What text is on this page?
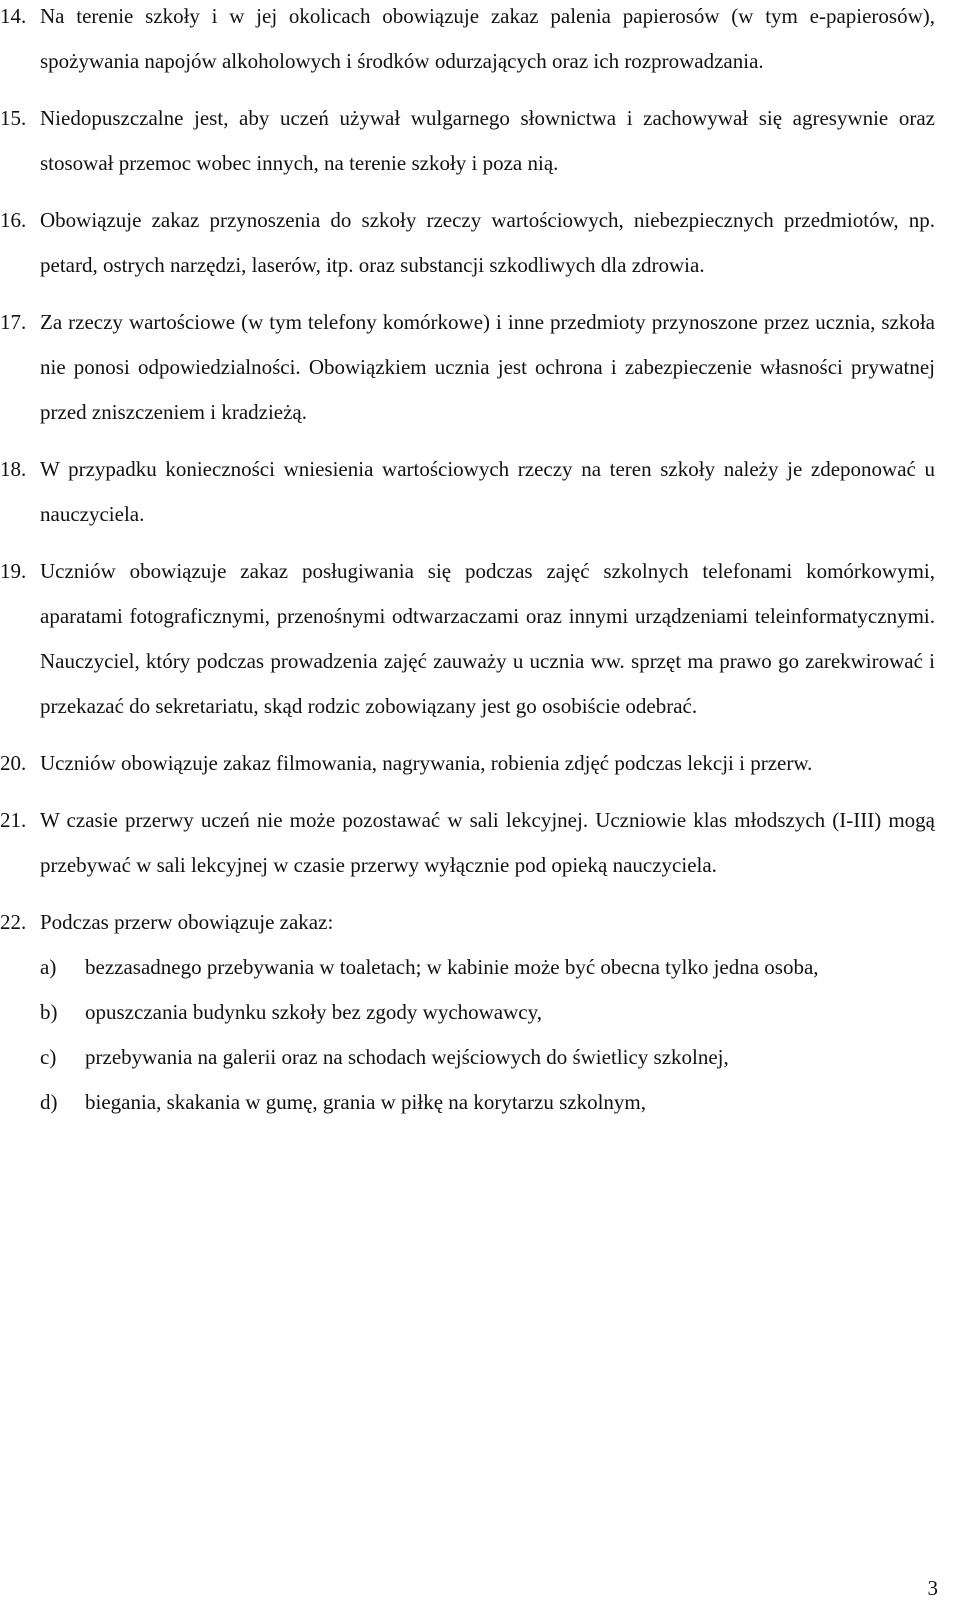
14. Na terenie szkoły i w jej okolicach obowiązuje zakaz palenia papierosów (w tym e-papierosów), spożywania napojów alkoholowych i środków odurzających oraz ich rozprowadzania.
15. Niedopuszczalne jest, aby uczeń używał wulgarnego słownictwa i zachowywał się agresywnie oraz stosował przemoc wobec innych, na terenie szkoły i poza nią.
16. Obowiązuje zakaz przynoszenia do szkoły rzeczy wartościowych, niebezpiecznych przedmiotów, np. petard, ostrych narzędzi, laserów, itp. oraz substancji szkodliwych dla zdrowia.
17. Za rzeczy wartościowe (w tym telefony komórkowe) i inne przedmioty przynoszone przez ucznia, szkoła nie ponosi odpowiedzialności. Obowiązkiem ucznia jest ochrona i zabezpieczenie własności prywatnej przed zniszczeniem i kradzieżą.
18. W przypadku konieczności wniesienia wartościowych rzeczy na teren szkoły należy je zdeponować u nauczyciela.
19. Uczniów obowiązuje zakaz posługiwania się podczas zajęć szkolnych telefonami komórkowymi, aparatami fotograficznymi, przenośnymi odtwarzaczami oraz innymi urządzeniami teleinformatycznymi. Nauczyciel, który podczas prowadzenia zajęć zauważy u ucznia ww. sprzęt ma prawo go zarekwirować i przekazać do sekretariatu, skąd rodzic zobowiązany jest go osobiście odebrać.
20. Uczniów obowiązuje zakaz filmowania, nagrywania, robienia zdjęć podczas lekcji i przerw.
21. W czasie przerwy uczeń nie może pozostawać w sali lekcyjnej. Uczniowie klas młodszych (I-III) mogą przebywać w sali lekcyjnej w czasie przerwy wyłącznie pod opieką nauczyciela.
22. Podczas przerw obowiązuje zakaz:
a) bezzasadnego przebywania w toaletach; w kabinie może być obecna tylko jedna osoba,
b) opuszczania budynku szkoły bez zgody wychowawcy,
c) przebywania na galerii oraz na schodach wejściowych do świetlicy szkolnej,
d) biegania, skakania w gumę, grania w piłkę na korytarzu szkolnym,
3
